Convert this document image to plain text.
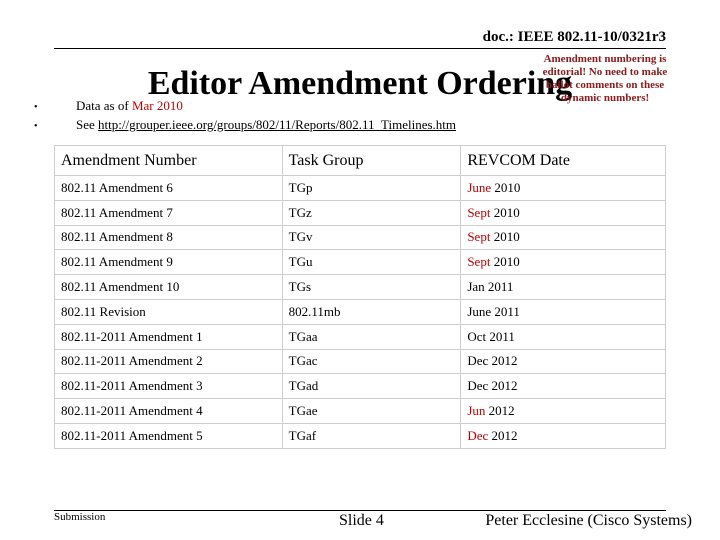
doc.: IEEE 802.11-10/0321r3
Editor Amendment Ordering
Amendment numbering is editorial! No need to make ballot comments on these dynamic numbers!
•	Data as of Mar 2010
•	See http://grouper.ieee.org/groups/802/11/Reports/802.11_Timelines.htm
Amendment Number	Task Group	REVCOM Date
802.11 Amendment 6	TGp	June 2010
802.11 Amendment 7	TGz	Sept 2010
802.11 Amendment 8	TGv	Sept 2010
802.11 Amendment 9	TGu	Sept 2010
802.11 Amendment 10	TGs	Jan 2011
802.11 Revision	802.11mb	June 2011
802.11-2011 Amendment 1	TGaa	Oct 2011
802.11-2011 Amendment 2	TGac	Dec 2012
802.11-2011 Amendment 3	TGad	Dec 2012
802.11-2011 Amendment 4	TGae	Jun 2012
802.11-2011 Amendment 5	TGaf	Dec 2012
Submission	Slide 4	Peter Ecclesine (Cisco Systems)
